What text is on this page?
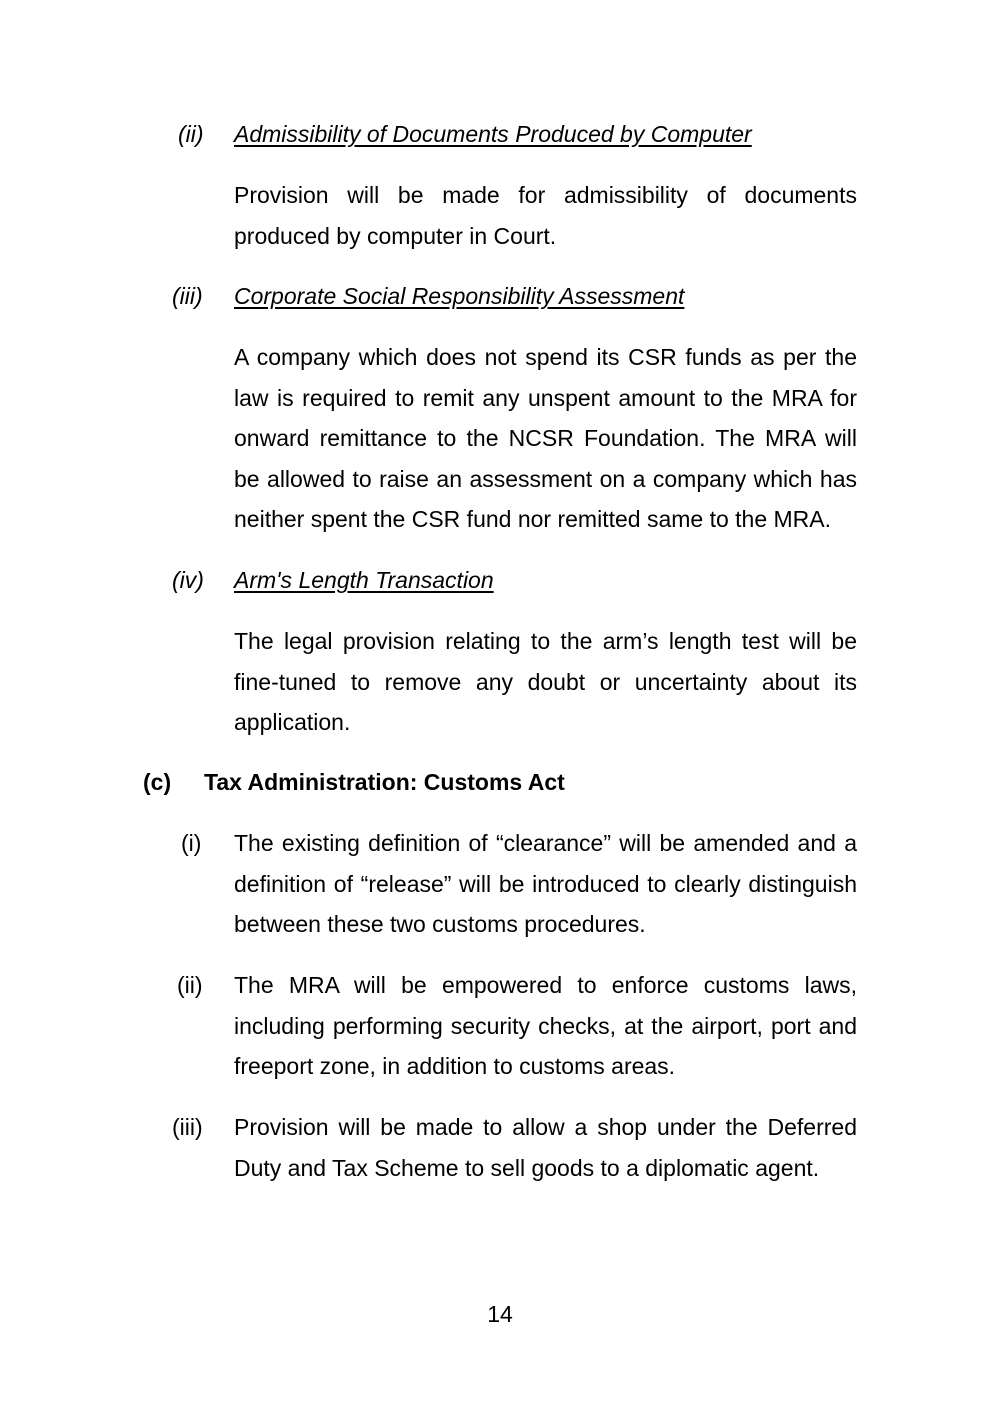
(ii) Admissibility of Documents Produced by Computer

Provision will be made for admissibility of documents produced by computer in Court.

(iii) Corporate Social Responsibility Assessment

A company which does not spend its CSR funds as per the law is required to remit any unspent amount to the MRA for onward remittance to the NCSR Foundation. The MRA will be allowed to raise an assessment on a company which has neither spent the CSR fund nor remitted same to the MRA.

(iv) Arm's Length Transaction

The legal provision relating to the arm’s length test will be fine-tuned to remove any doubt or uncertainty about its application.

(c) Tax Administration: Customs Act
(i) The existing definition of “clearance” will be amended and a definition of “release” will be introduced to clearly distinguish between these two customs procedures.

(ii) The MRA will be empowered to enforce customs laws, including performing security checks, at the airport, port and freeport zone, in addition to customs areas.

(iii) Provision will be made to allow a shop under the Deferred Duty and Tax Scheme to sell goods to a diplomatic agent.

14
